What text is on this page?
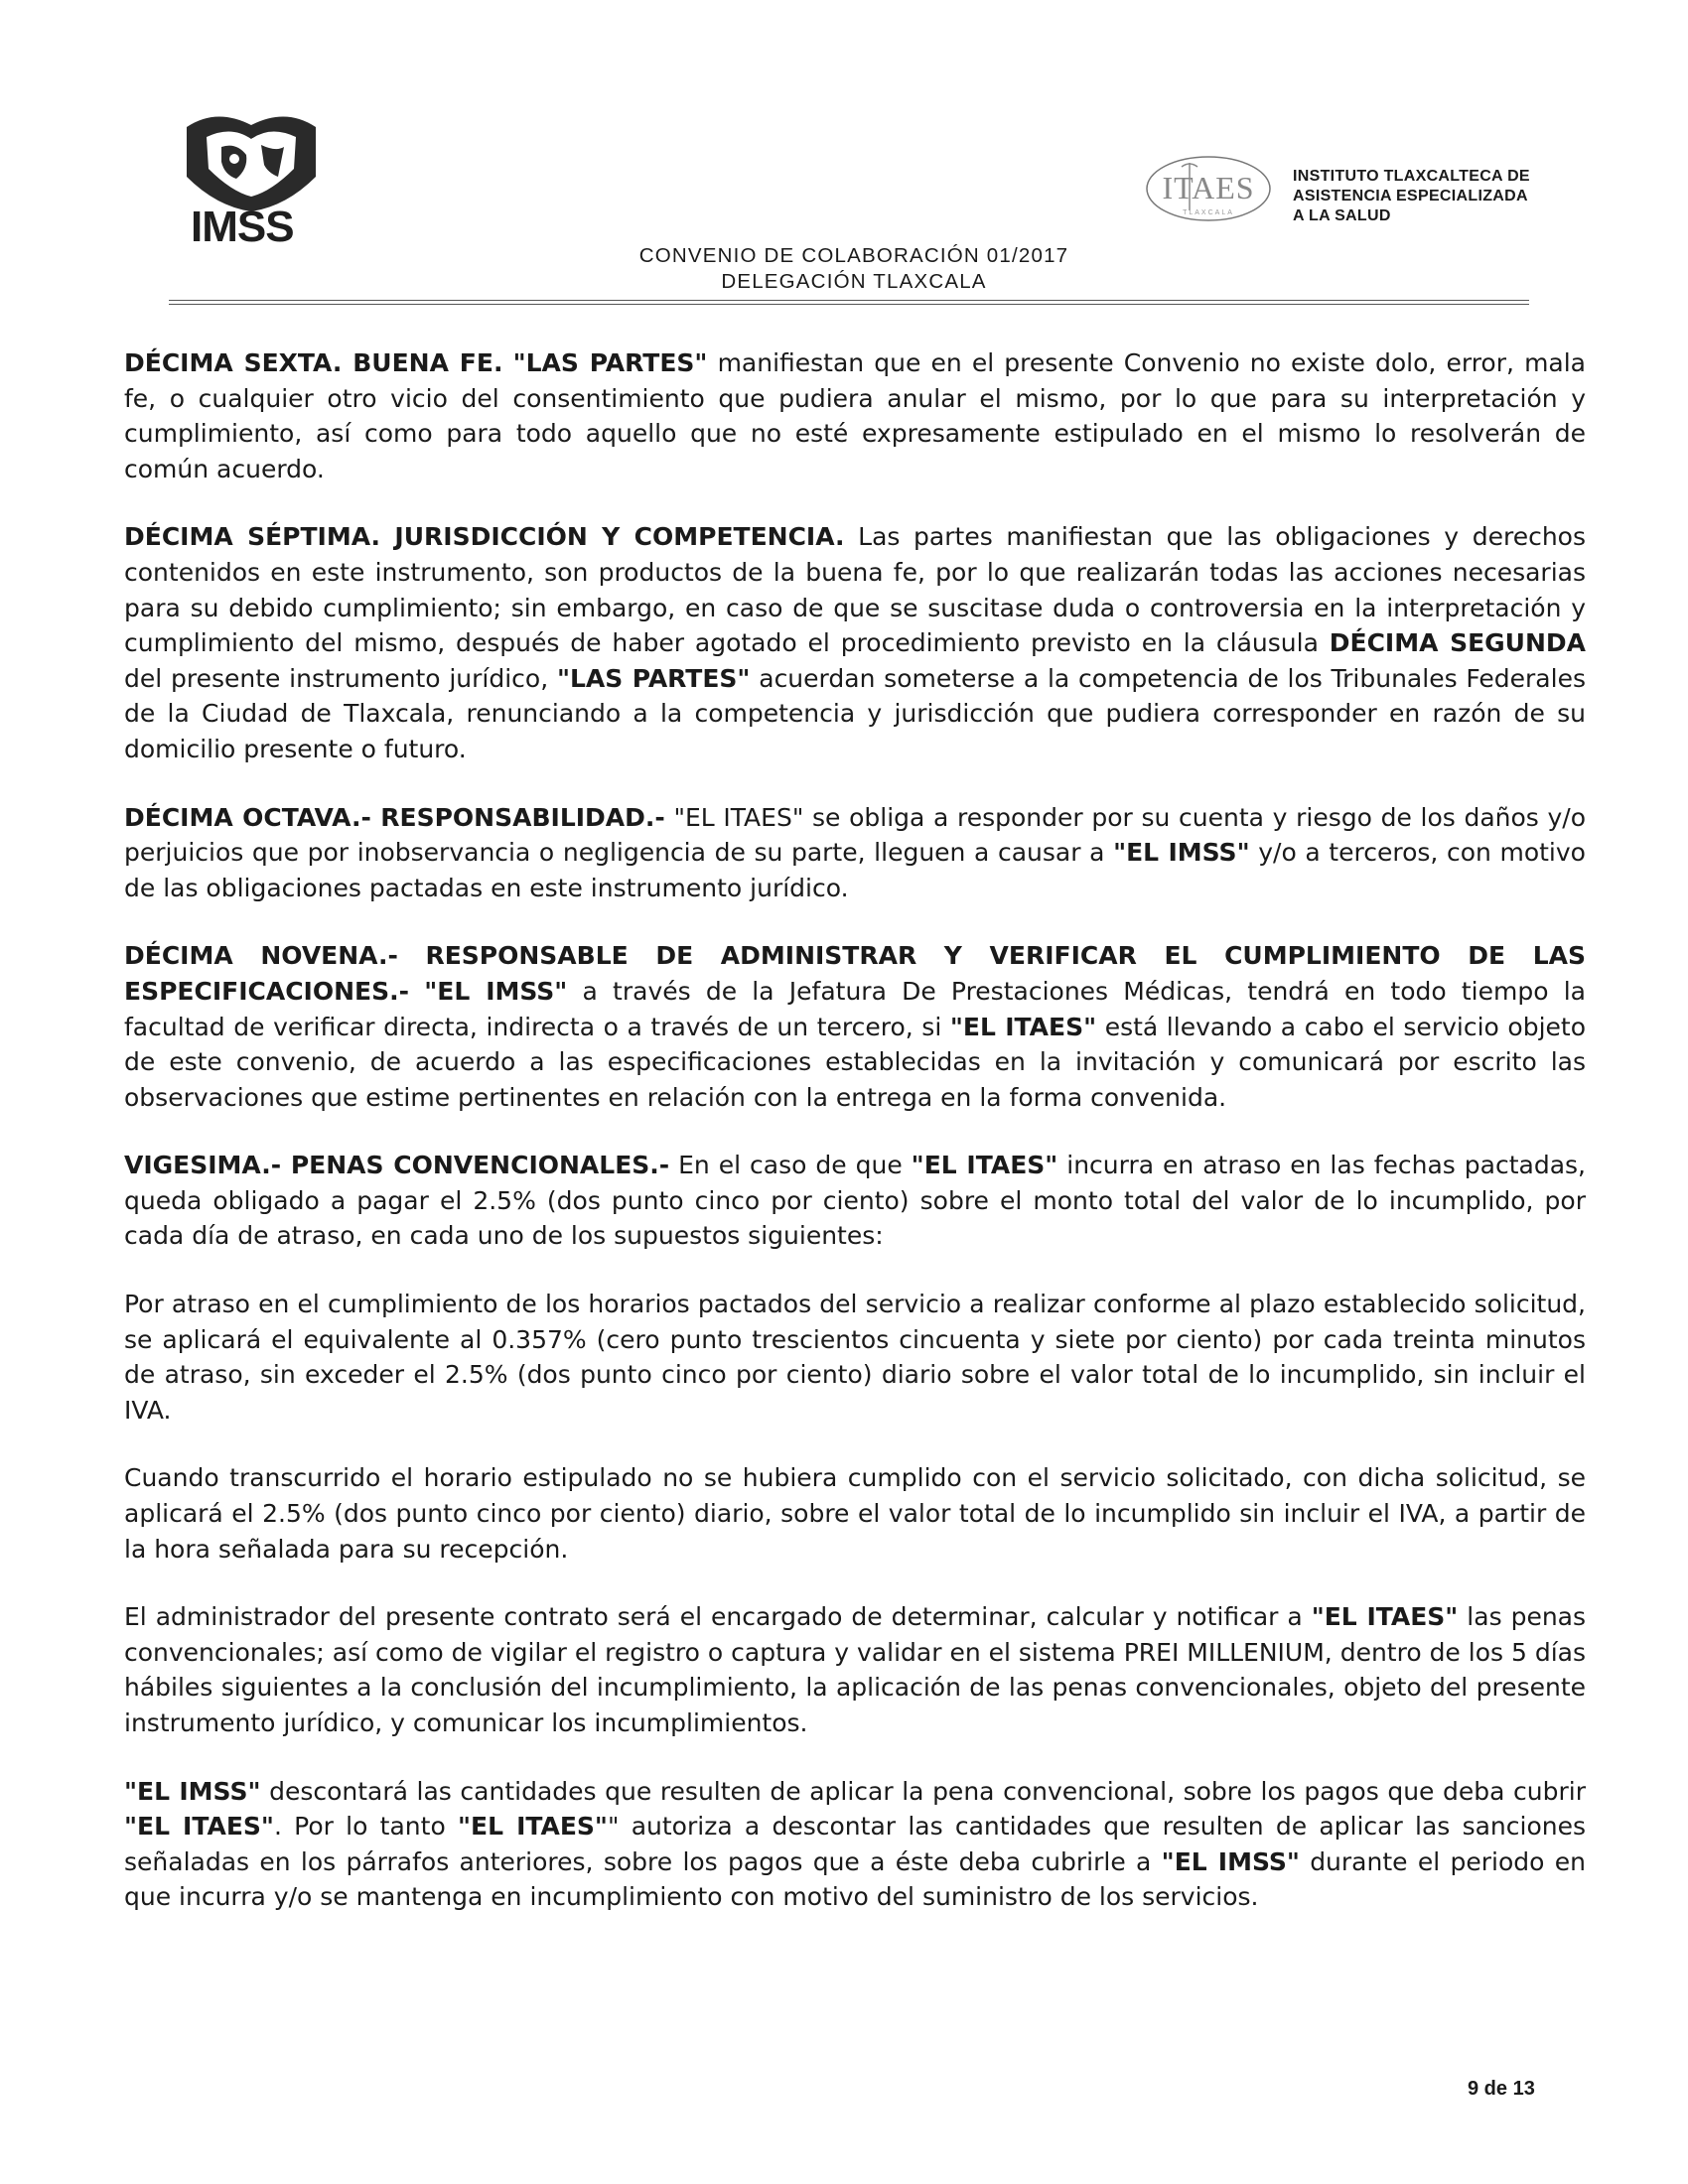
IMSS
CONVENIO DE COLABORACIÓN 01/2017
DELEGACIÓN TLAXCALA
ITAES
TLAXCALA
INSTITUTO TLAXCALTECA DE
ASISTENCIA ESPECIALIZADA
A LA SALUD

DÉCIMA SEXTA. BUENA FE. "LAS PARTES" manifiestan que en el presente Convenio no existe dolo, error, mala fe, o cualquier otro vicio del consentimiento que pudiera anular el mismo, por lo que para su interpretación y cumplimiento, así como para todo aquello que no esté expresamente estipulado en el mismo lo resolverán de común acuerdo.

DÉCIMA SÉPTIMA. JURISDICCIÓN Y COMPETENCIA. Las partes manifiestan que las obligaciones y derechos contenidos en este instrumento, son productos de la buena fe, por lo que realizarán todas las acciones necesarias para su debido cumplimiento; sin embargo, en caso de que se suscitase duda o controversia en la interpretación y cumplimiento del mismo, después de haber agotado el procedimiento previsto en la cláusula DÉCIMA SEGUNDA del presente instrumento jurídico, "LAS PARTES" acuerdan someterse a la competencia de los Tribunales Federales de la Ciudad de Tlaxcala, renunciando a la competencia y jurisdicción que pudiera corresponder en razón de su domicilio presente o futuro.

DÉCIMA OCTAVA.- RESPONSABILIDAD.- "EL ITAES" se obliga a responder por su cuenta y riesgo de los daños y/o perjuicios que por inobservancia o negligencia de su parte, lleguen a causar a "EL IMSS" y/o a terceros, con motivo de las obligaciones pactadas en este instrumento jurídico.

DÉCIMA NOVENA.- RESPONSABLE DE ADMINISTRAR Y VERIFICAR EL CUMPLIMIENTO DE LAS ESPECIFICACIONES.- "EL IMSS" a través de la Jefatura De Prestaciones Médicas, tendrá en todo tiempo la facultad de verificar directa, indirecta o a través de un tercero, si "EL ITAES" está llevando a cabo el servicio objeto de este convenio, de acuerdo a las especificaciones establecidas en la invitación y comunicará por escrito las observaciones que estime pertinentes en relación con la entrega en la forma convenida.

VIGESIMA.- PENAS CONVENCIONALES.- En el caso de que "EL ITAES" incurra en atraso en las fechas pactadas, queda obligado a pagar el 2.5% (dos punto cinco por ciento) sobre el monto total del valor de lo incumplido, por cada día de atraso, en cada uno de los supuestos siguientes:

Por atraso en el cumplimiento de los horarios pactados del servicio a realizar conforme al plazo establecido solicitud, se aplicará el equivalente al 0.357% (cero punto trescientos cincuenta y siete por ciento) por cada treinta minutos de atraso, sin exceder el 2.5% (dos punto cinco por ciento) diario sobre el valor total de lo incumplido, sin incluir el IVA.

Cuando transcurrido el horario estipulado no se hubiera cumplido con el servicio solicitado, con dicha solicitud, se aplicará el 2.5% (dos punto cinco por ciento) diario, sobre el valor total de lo incumplido sin incluir el IVA, a partir de la hora señalada para su recepción.

El administrador del presente contrato será el encargado de determinar, calcular y notificar a "EL ITAES" las penas convencionales; así como de vigilar el registro o captura y validar en el sistema PREI MILLENIUM, dentro de los 5 días hábiles siguientes a la conclusión del incumplimiento, la aplicación de las penas convencionales, objeto del presente instrumento jurídico, y comunicar los incumplimientos.

"EL IMSS" descontará las cantidades que resulten de aplicar la pena convencional, sobre los pagos que deba cubrir "EL ITAES". Por lo tanto "EL ITAES"" autoriza a descontar las cantidades que resulten de aplicar las sanciones señaladas en los párrafos anteriores, sobre los pagos que a éste deba cubrirle a "EL IMSS" durante el periodo en que incurra y/o se mantenga en incumplimiento con motivo del suministro de los servicios.

9 de 13
